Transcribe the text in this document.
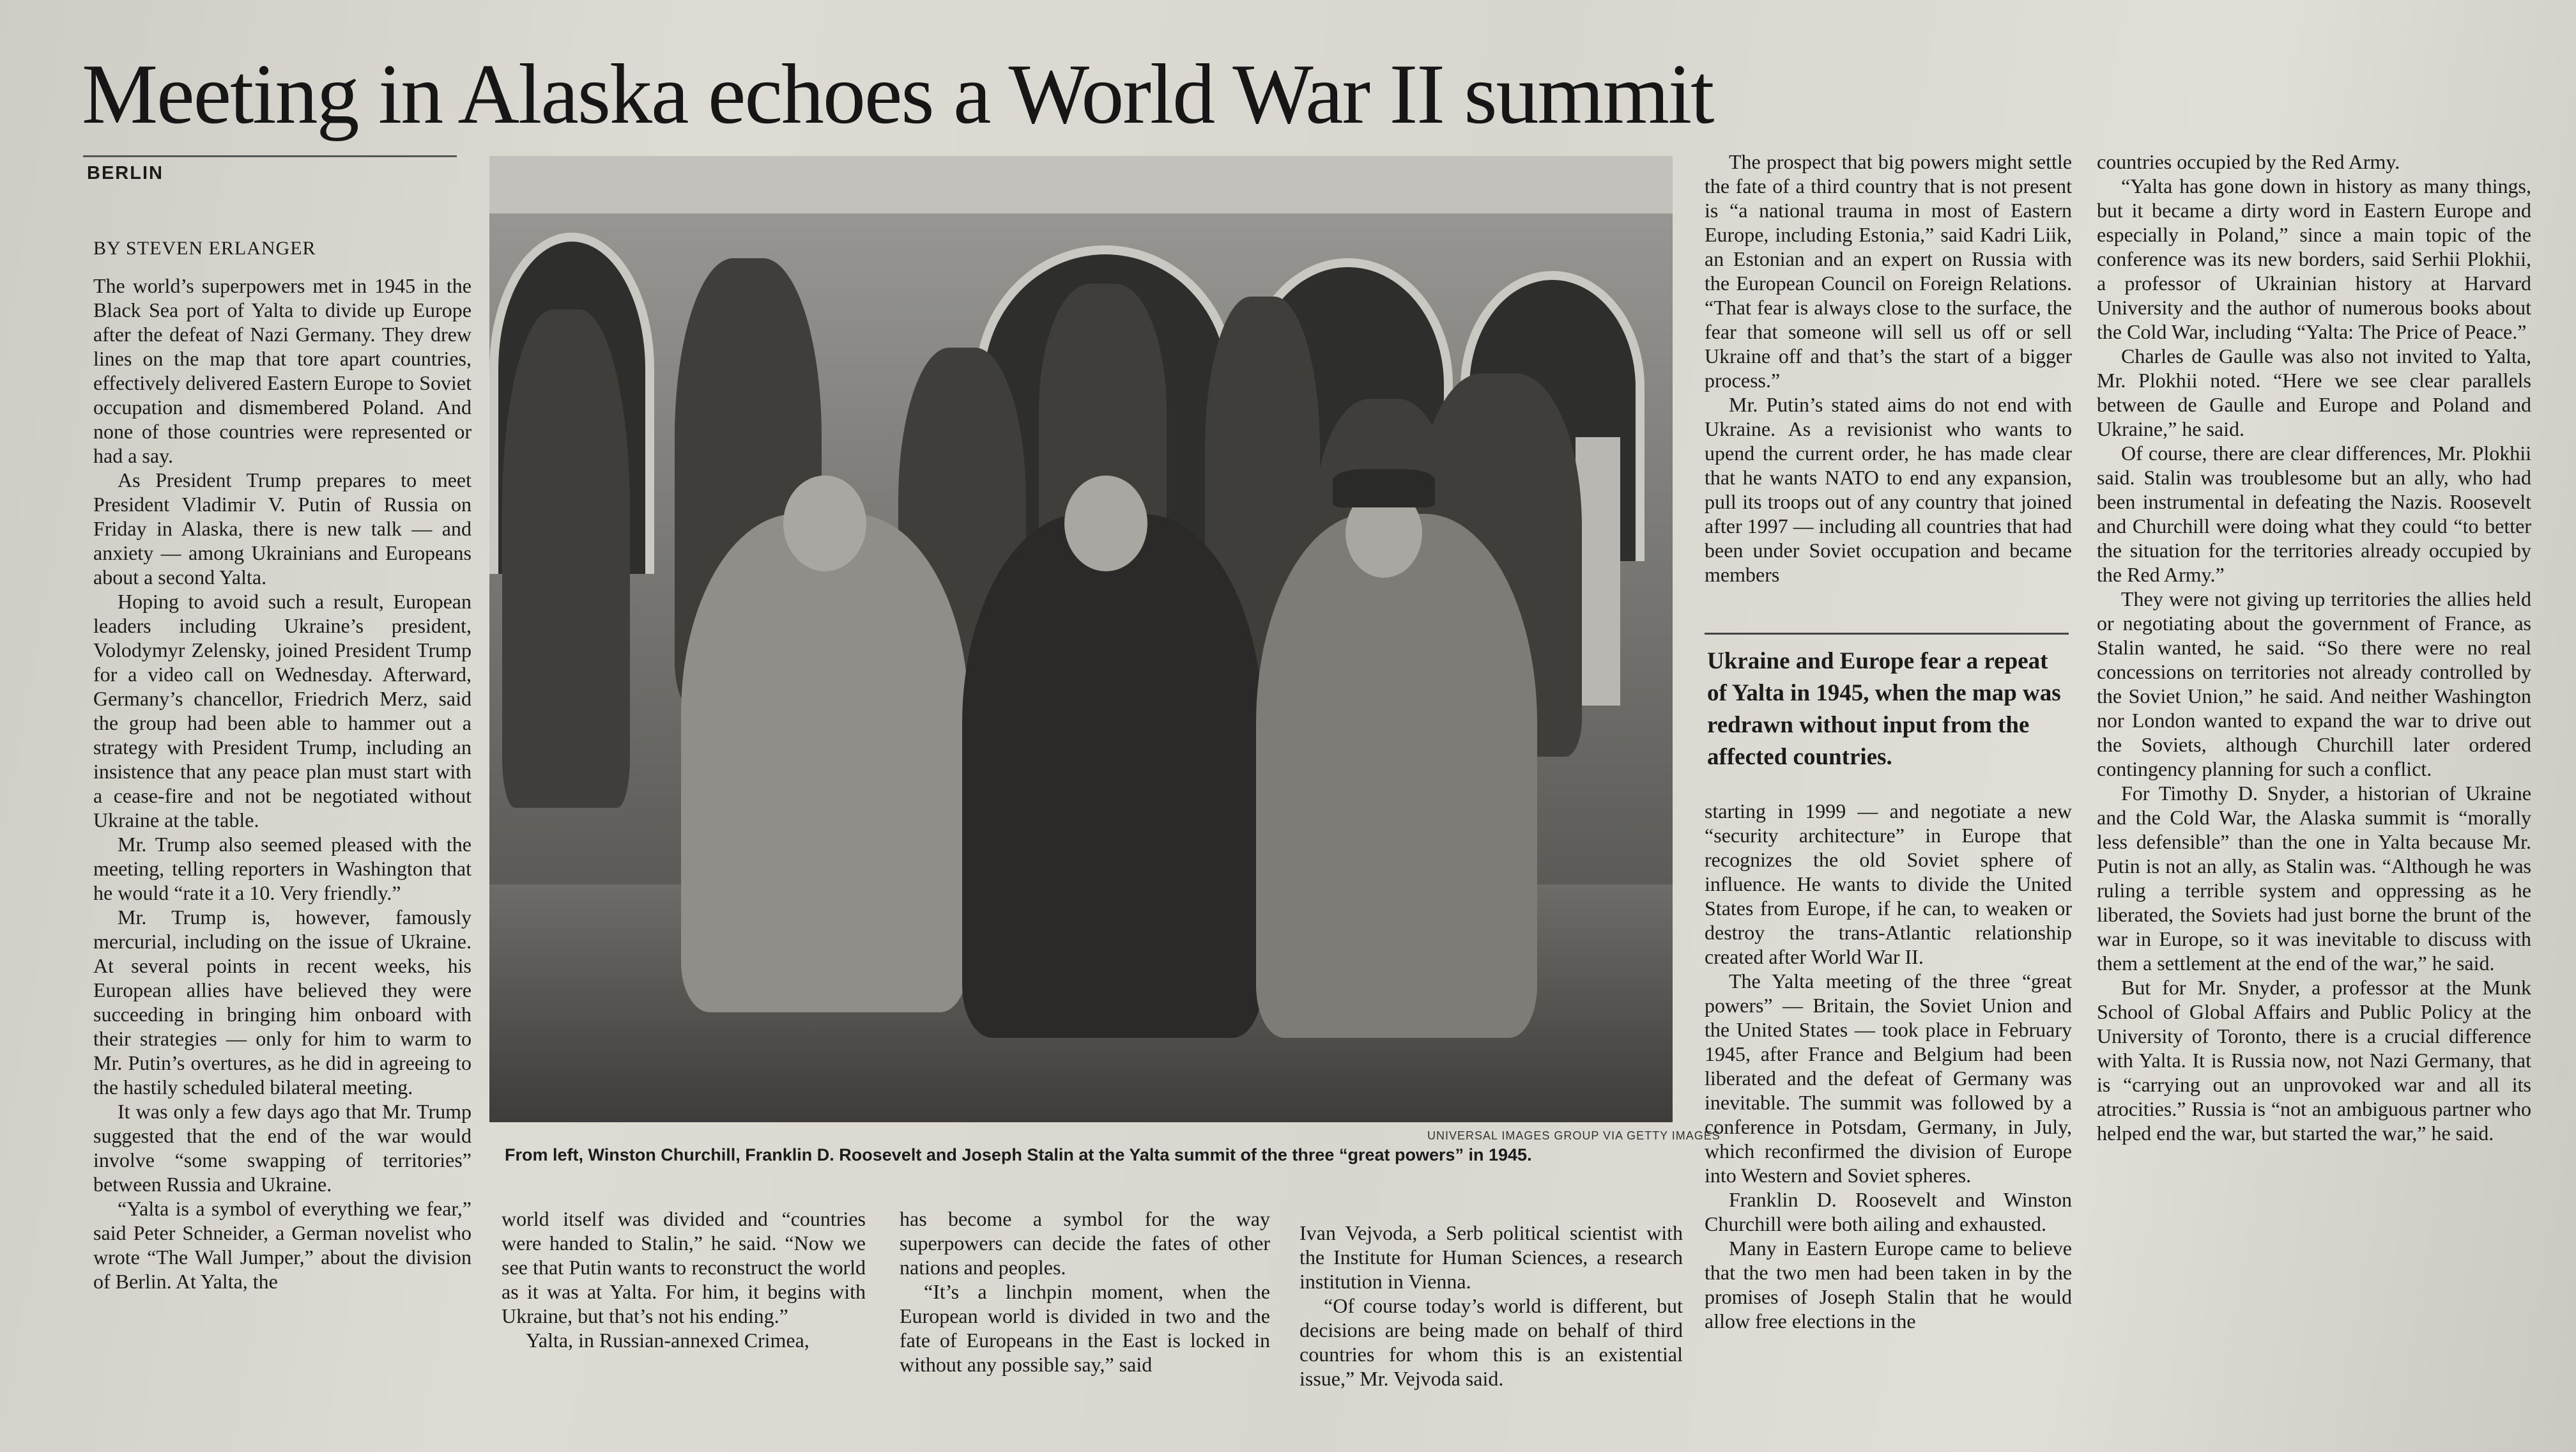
Meeting in Alaska echoes a World War II summit
BERLIN
BY STEVEN ERLANGER

The world’s superpowers met in 1945 in the Black Sea port of Yalta to divide up Europe after the defeat of Nazi Germany. They drew lines on the map that tore apart countries, effectively delivered Eastern Europe to Soviet occupation and dismembered Poland. And none of those countries were represented or had a say.

As President Trump prepares to meet President Vladimir V. Putin of Russia on Friday in Alaska, there is new talk — and anxiety — among Ukrainians and Europeans about a second Yalta.

Hoping to avoid such a result, European leaders including Ukraine’s president, Volodymyr Zelensky, joined President Trump for a video call on Wednesday. Afterward, Germany’s chancellor, Friedrich Merz, said the group had been able to hammer out a strategy with President Trump, including an insistence that any peace plan must start with a cease-fire and not be negotiated without Ukraine at the table.

Mr. Trump also seemed pleased with the meeting, telling reporters in Washington that he would “rate it a 10. Very friendly.”

Mr. Trump is, however, famously mercurial, including on the issue of Ukraine. At several points in recent weeks, his European allies have believed they were succeeding in bringing him onboard with their strategies — only for him to warm to Mr. Putin’s overtures, as he did in agreeing to the hastily scheduled bilateral meeting.

It was only a few days ago that Mr. Trump suggested that the end of the war would involve “some swapping of territories” between Russia and Ukraine.

“Yalta is a symbol of everything we fear,” said Peter Schneider, a German novelist who wrote “The Wall Jumper,” about the division of Berlin. At Yalta, the

UNIVERSAL IMAGES GROUP VIA GETTY IMAGES
From left, Winston Churchill, Franklin D. Roosevelt and Joseph Stalin at the Yalta summit of the three “great powers” in 1945.

world itself was divided and “countries were handed to Stalin,” he said. “Now we see that Putin wants to reconstruct the world as it was at Yalta. For him, it begins with Ukraine, but that’s not his ending.”

Yalta, in Russian-annexed Crimea,

has become a symbol for the way superpowers can decide the fates of other nations and peoples.

“It’s a linchpin moment, when the European world is divided in two and the fate of Europeans in the East is locked in without any possible say,” said

Ivan Vejvoda, a Serb political scientist with the Institute for Human Sciences, a research institution in Vienna.

“Of course today’s world is different, but decisions are being made on behalf of third countries for whom this is an existential issue,” Mr. Vejvoda said.

The prospect that big powers might settle the fate of a third country that is not present is “a national trauma in most of Eastern Europe, including Estonia,” said Kadri Liik, an Estonian and an expert on Russia with the European Council on Foreign Relations. “That fear is always close to the surface, the fear that someone will sell us off or sell Ukraine off and that’s the start of a bigger process.”

Mr. Putin’s stated aims do not end with Ukraine. As a revisionist who wants to upend the current order, he has made clear that he wants NATO to end any expansion, pull its troops out of any country that joined after 1997 — including all countries that had been under Soviet occupation and became members

Ukraine and Europe fear a repeat of Yalta in 1945, when the map was redrawn without input from the affected countries.

starting in 1999 — and negotiate a new “security architecture” in Europe that recognizes the old Soviet sphere of influence. He wants to divide the United States from Europe, if he can, to weaken or destroy the trans-Atlantic relationship created after World War II.

The Yalta meeting of the three “great powers” — Britain, the Soviet Union and the United States — took place in February 1945, after France and Belgium had been liberated and the defeat of Germany was inevitable. The summit was followed by a conference in Potsdam, Germany, in July, which reconfirmed the division of Europe into Western and Soviet spheres.

Franklin D. Roosevelt and Winston Churchill were both ailing and exhausted.

Many in Eastern Europe came to believe that the two men had been taken in by the promises of Joseph Stalin that he would allow free elections in the

countries occupied by the Red Army.

“Yalta has gone down in history as many things, but it became a dirty word in Eastern Europe and especially in Poland,” since a main topic of the conference was its new borders, said Serhii Plokhii, a professor of Ukrainian history at Harvard University and the author of numerous books about the Cold War, including “Yalta: The Price of Peace.”

Charles de Gaulle was also not invited to Yalta, Mr. Plokhii noted. “Here we see clear parallels between de Gaulle and Europe and Poland and Ukraine,” he said.

Of course, there are clear differences, Mr. Plokhii said. Stalin was troublesome but an ally, who had been instrumental in defeating the Nazis. Roosevelt and Churchill were doing what they could “to better the situation for the territories already occupied by the Red Army.”

They were not giving up territories the allies held or negotiating about the government of France, as Stalin wanted, he said. “So there were no real concessions on territories not already controlled by the Soviet Union,” he said. And neither Washington nor London wanted to expand the war to drive out the Soviets, although Churchill later ordered contingency planning for such a conflict.

For Timothy D. Snyder, a historian of Ukraine and the Cold War, the Alaska summit is “morally less defensible” than the one in Yalta because Mr. Putin is not an ally, as Stalin was. “Although he was ruling a terrible system and oppressing as he liberated, the Soviets had just borne the brunt of the war in Europe, so it was inevitable to discuss with them a settlement at the end of the war,” he said.

But for Mr. Snyder, a professor at the Munk School of Global Affairs and Public Policy at the University of Toronto, there is a crucial difference with Yalta. It is Russia now, not Nazi Germany, that is “carrying out an unprovoked war and all its atrocities.” Russia is “not an ambiguous partner who helped end the war, but started the war,” he said.
